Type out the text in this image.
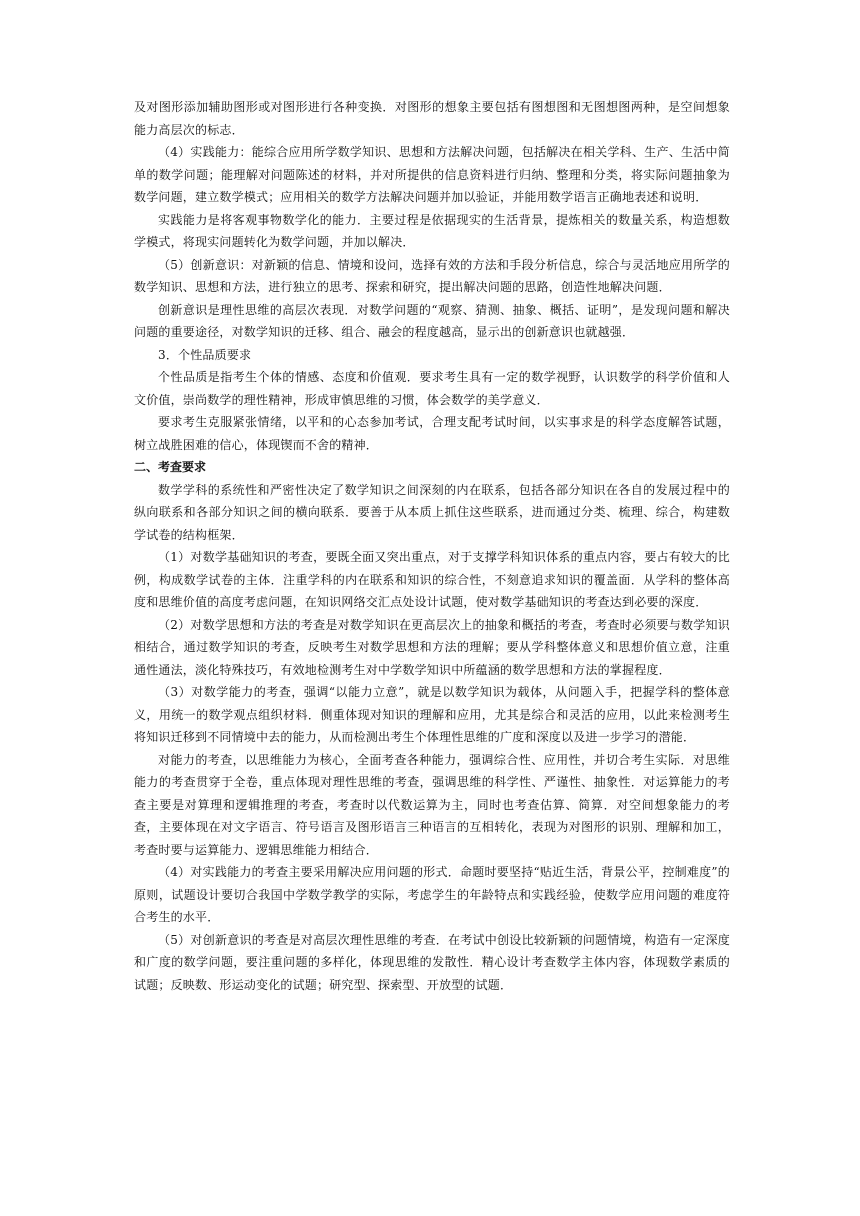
及对图形添加辅助图形或对图形进行各种变换．对图形的想象主要包括有图想图和无图想图两种，是空间想象能力高层次的标志．

（4）实践能力：能综合应用所学数学知识、思想和方法解决问题，包括解决在相关学科、生产、生活中简单的数学问题；能理解对问题陈述的材料，并对所提供的信息资料进行归纳、整理和分类，将实际问题抽象为数学问题，建立数学模式；应用相关的数学方法解决问题并加以验证，并能用数学语言正确地表述和说明．

实践能力是将客观事物数学化的能力．主要过程是依据现实的生活背景，提炼相关的数量关系，构造想数学模式，将现实问题转化为数学问题，并加以解决．

（5）创新意识：对新颖的信息、情境和设问，选择有效的方法和手段分析信息，综合与灵活地应用所学的数学知识、思想和方法，进行独立的思考、探索和研究，提出解决问题的思路，创造性地解决问题．

创新意识是理性思维的高层次表现．对数学问题的“观察、猜测、抽象、概括、证明”，是发现问题和解决问题的重要途径，对数学知识的迁移、组合、融会的程度越高，显示出的创新意识也就越强．

3．个性品质要求

个性品质是指考生个体的情感、态度和价值观．要求考生具有一定的数学视野，认识数学的科学价值和人文价值，崇尚数学的理性精神，形成审慎思维的习惯，体会数学的美学意义．

要求考生克服紧张情绪，以平和的心态参加考试，合理支配考试时间，以实事求是的科学态度解答试题，树立战胜困难的信心，体现锲而不舍的精神．

二、考查要求

数学学科的系统性和严密性决定了数学知识之间深刻的内在联系，包括各部分知识在各自的发展过程中的纵向联系和各部分知识之间的横向联系．要善于从本质上抓住这些联系，进而通过分类、梳理、综合，构建数学试卷的结构框架．

（1）对数学基础知识的考查，要既全面又突出重点，对于支撑学科知识体系的重点内容，要占有较大的比例，构成数学试卷的主体．注重学科的内在联系和知识的综合性，不刻意追求知识的覆盖面．从学科的整体高度和思维价值的高度考虑问题，在知识网络交汇点处设计试题，使对数学基础知识的考查达到必要的深度．

（2）对数学思想和方法的考查是对数学知识在更高层次上的抽象和概括的考查，考查时必须要与数学知识相结合，通过数学知识的考查，反映考生对数学思想和方法的理解；要从学科整体意义和思想价值立意，注重通性通法，淡化特殊技巧，有效地检测考生对中学数学知识中所蕴涵的数学思想和方法的掌握程度．

（3）对数学能力的考查，强调“以能力立意”，就是以数学知识为载体，从问题入手，把握学科的整体意义，用统一的数学观点组织材料．侧重体现对知识的理解和应用，尤其是综合和灵活的应用，以此来检测考生将知识迁移到不同情境中去的能力，从而检测出考生个体理性思维的广度和深度以及进一步学习的潜能．

对能力的考查，以思维能力为核心，全面考查各种能力，强调综合性、应用性，并切合考生实际．对思维能力的考查贯穿于全卷，重点体现对理性思维的考查，强调思维的科学性、严谨性、抽象性．对运算能力的考查主要是对算理和逻辑推理的考查，考查时以代数运算为主，同时也考查估算、简算．对空间想象能力的考查，主要体现在对文字语言、符号语言及图形语言三种语言的互相转化，表现为对图形的识别、理解和加工，考查时要与运算能力、逻辑思维能力相结合．

（4）对实践能力的考查主要采用解决应用问题的形式．命题时要坚持“贴近生活，背景公平，控制难度”的原则，试题设计要切合我国中学数学教学的实际，考虑学生的年龄特点和实践经验，使数学应用问题的难度符合考生的水平．

（5）对创新意识的考查是对高层次理性思维的考查．在考试中创设比较新颖的问题情境，构造有一定深度和广度的数学问题，要注重问题的多样化，体现思维的发散性．精心设计考查数学主体内容，体现数学素质的试题；反映数、形运动变化的试题；研究型、探索型、开放型的试题．
